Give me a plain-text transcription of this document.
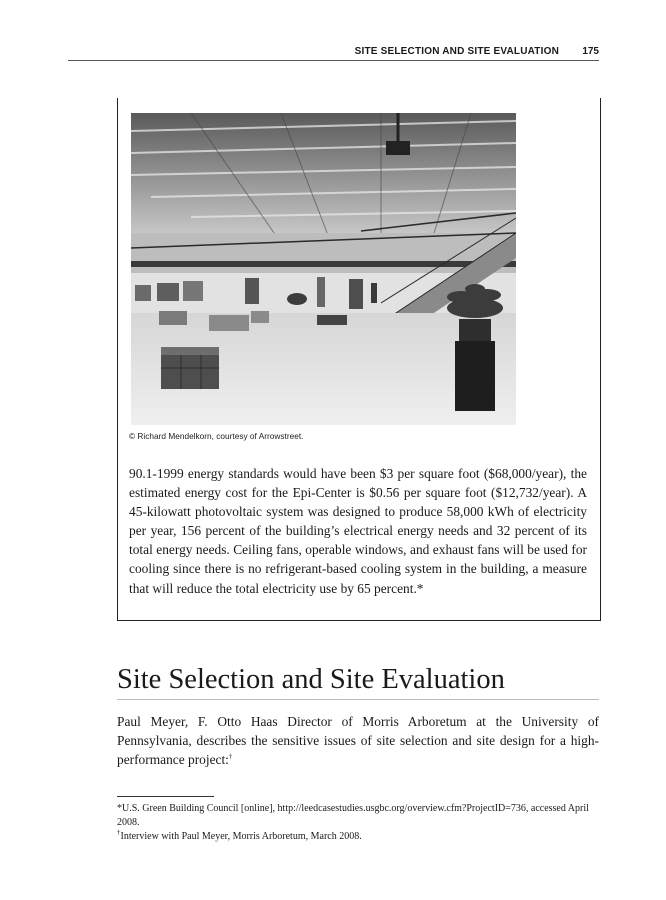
SITE SELECTION AND SITE EVALUATION 175
© Richard Mendelkorn, courtesy of Arrowstreet.

90.1-1999 energy standards would have been $3 per square foot ($68,000/year), the estimated energy cost for the Epi-Center is $0.56 per square foot ($12,732/year). A 45-kilowatt photovoltaic system was designed to produce 58,000 kWh of electricity per year, 156 percent of the building’s electrical energy needs and 32 percent of its total energy needs. Ceiling fans, operable windows, and exhaust fans will be used for cooling since there is no refrigerant-based cooling system in the building, a measure that will reduce the total electricity use by 65 percent.*

Site Selection and Site Evaluation

Paul Meyer, F. Otto Haas Director of Morris Arboretum at the University of Pennsylvania, describes the sensitive issues of site selection and site design for a high-performance project:†

*U.S. Green Building Council [online], http://leedcasestudies.usgbc.org/overview.cfm?ProjectID=736, accessed April 2008.

†Interview with Paul Meyer, Morris Arboretum, March 2008.
